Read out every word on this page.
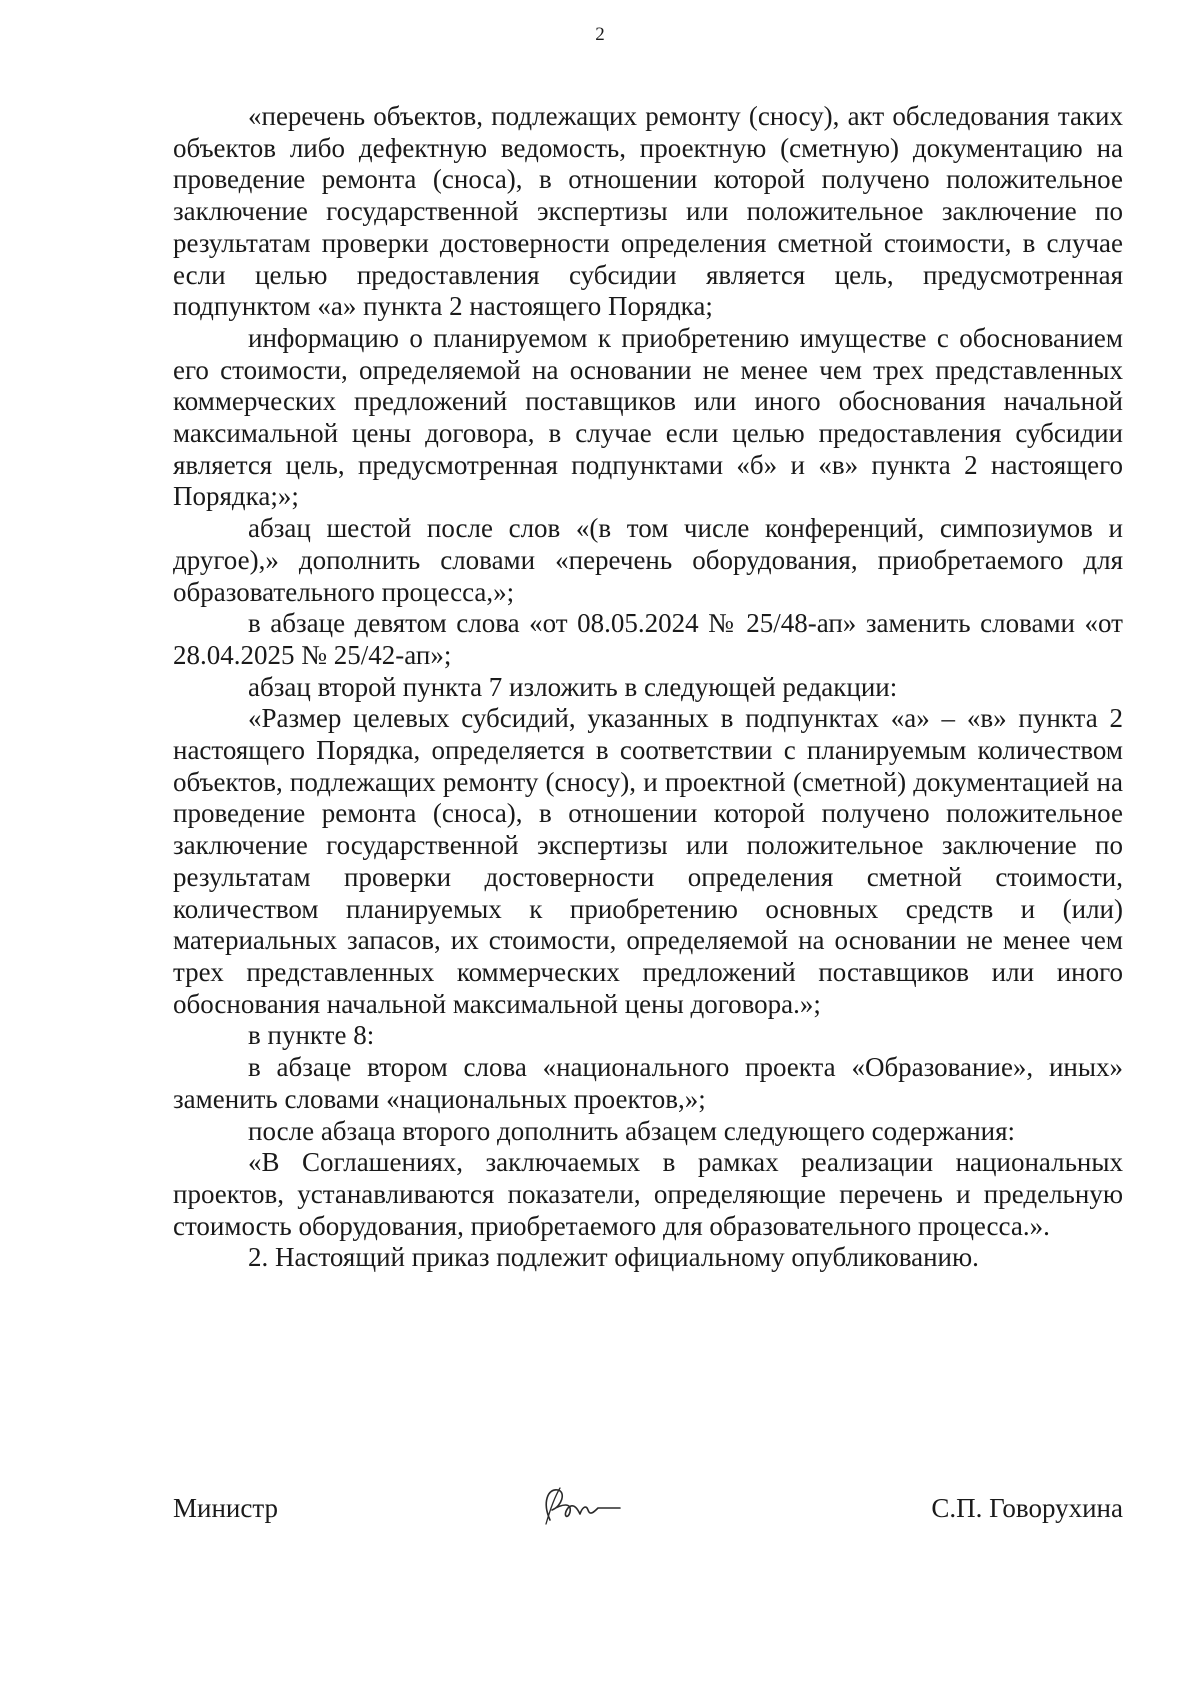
2

«перечень объектов, подлежащих ремонту (сносу), акт обследования таких объектов либо дефектную ведомость, проектную (сметную) документацию на проведение ремонта (сноса), в отношении которой получено положительное заключение государственной экспертизы или положительное заключение по результатам проверки достоверности определения сметной стоимости, в случае если целью предоставления субсидии является цель, предусмотренная подпунктом «а» пункта 2 настоящего Порядка;

информацию о планируемом к приобретению имуществе с обоснованием его стоимости, определяемой на основании не менее чем трех представленных коммерческих предложений поставщиков или иного обоснования начальной максимальной цены договора, в случае если целью предоставления субсидии является цель, предусмотренная подпунктами «б» и «в» пункта 2 настоящего Порядка;»;

абзац шестой после слов «(в том числе конференций, симпозиумов и другое),» дополнить словами «перечень оборудования, приобретаемого для образовательного процесса,»;

в абзаце девятом слова «от 08.05.2024 № 25/48-ап» заменить словами «от 28.04.2025 № 25/42-ап»;

абзац второй пункта 7 изложить в следующей редакции:

«Размер целевых субсидий, указанных в подпунктах «а» – «в» пункта 2 настоящего Порядка, определяется в соответствии с планируемым количеством объектов, подлежащих ремонту (сносу), и проектной (сметной) документацией на проведение ремонта (сноса), в отношении которой получено положительное заключение государственной экспертизы или положительное заключение по результатам проверки достоверности определения сметной стоимости, количеством планируемых к приобретению основных средств и (или) материальных запасов, их стоимости, определяемой на основании не менее чем трех представленных коммерческих предложений поставщиков или иного обоснования начальной максимальной цены договора.»;

в пункте 8:

в абзаце втором слова «национального проекта «Образование», иных» заменить словами «национальных проектов,»;

после абзаца второго дополнить абзацем следующего содержания:

«В Соглашениях, заключаемых в рамках реализации национальных проектов, устанавливаются показатели, определяющие перечень и предельную стоимость оборудования, приобретаемого для образовательного процесса.».

2. Настоящий приказ подлежит официальному опубликованию.

Министр	С.П. Говорухина
